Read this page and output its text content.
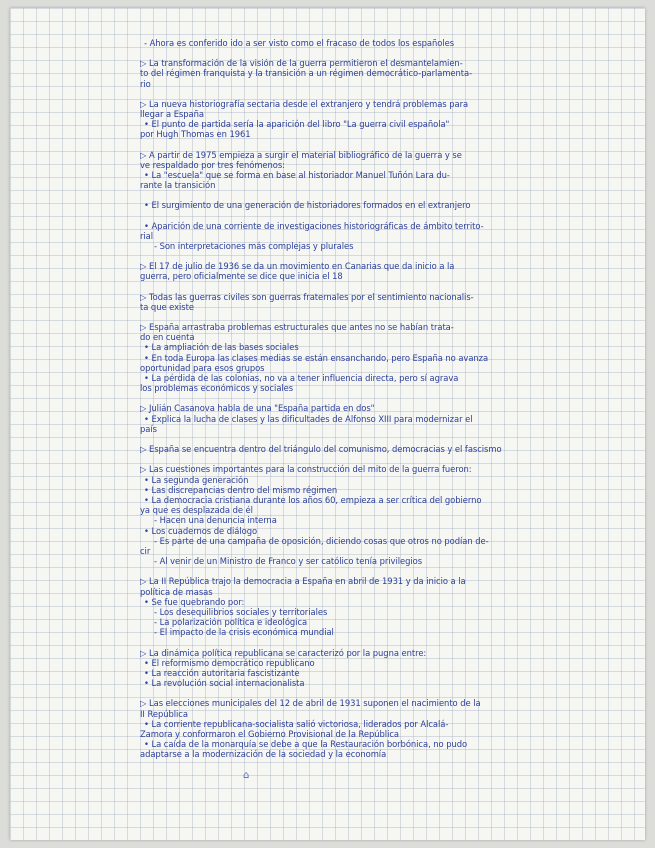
- Ahora es conferido ido a ser visto como el fracaso de todos los españoles
▷ La transformación de la visión de la guerra permitieron el desmantelamien-
to del régimen franquista y la transición a un régimen democrático-parlamenta-
rio
▷ La nueva historiografía sectaria desde el extranjero y tendrá problemas para
llegar a España
• El punto de partida sería la aparición del libro "La guerra civil española"
por Hugh Thomas en 1961
▷ A partir de 1975 empieza a surgir el material bibliográfico de la guerra y se
ve respaldado por tres fenómenos:
• La "escuela" que se forma en base al historiador Manuel Tuñón Lara du-
rante la transición
• El surgimiento de una generación de historiadores formados en el extranjero
• Aparición de una corriente de investigaciones historiográficas de ámbito territo-
rial
- Son interpretaciones más complejas y plurales
▷ El 17 de julio de 1936 se da un movimiento en Canarias que da inicio a la
guerra, pero oficialmente se dice que inicia el 18
▷ Todas las guerras civiles son guerras fraternales por el sentimiento nacionalis-
ta que existe
▷ España arrastraba problemas estructurales que antes no se habían trata-
do en cuenta
• La ampliación de las bases sociales
• En toda Europa las clases medias se están ensanchando, pero España no avanza
oportunidad para esos grupos
• La pérdida de las colonias, no va a tener influencia directa, pero sí agrava
los problemas económicos y sociales
▷ Julián Casanova habla de una "España partida en dos"
• Explica la lucha de clases y las dificultades de Alfonso XIII para modernizar el
país
▷ España se encuentra dentro del triángulo del comunismo, democracias y el fascismo
▷ Las cuestiones importantes para la construcción del mito de la guerra fueron:
• La segunda generación
• Las discrepancias dentro del mismo régimen
• La democracia cristiana durante los años 60, empieza a ser crítica del gobierno
ya que es desplazada de él
- Hacen una denuncia interna
• Los cuadernos de diálogo
- Es parte de una campaña de oposición, diciendo cosas que otros no podían de-
cir
- Al venir de un Ministro de Franco y ser católico tenía privilegios
▷ La II República trajo la democracia a España en abril de 1931 y da inicio a la
política de masas
• Se fue quebrando por:
- Los desequilibrios sociales y territoriales
- La polarización política e ideológica
- El impacto de la crisis económica mundial
▷ La dinámica política republicana se caracterizó por la pugna entre:
• El reformismo democrático republicano
• La reacción autoritaria fascistizante
• La revolución social internacionalista
▷ Las elecciones municipales del 12 de abril de 1931 suponen el nacimiento de la
II República
• La corriente republicana-socialista salió victoriosa, liderados por Alcalá-
Zamora y conformaron el Gobierno Provisional de la República
• La caída de la monarquía se debe a que la Restauración borbónica, no pudo
adaptarse a la modernización de la sociedad y la economía
⌂
